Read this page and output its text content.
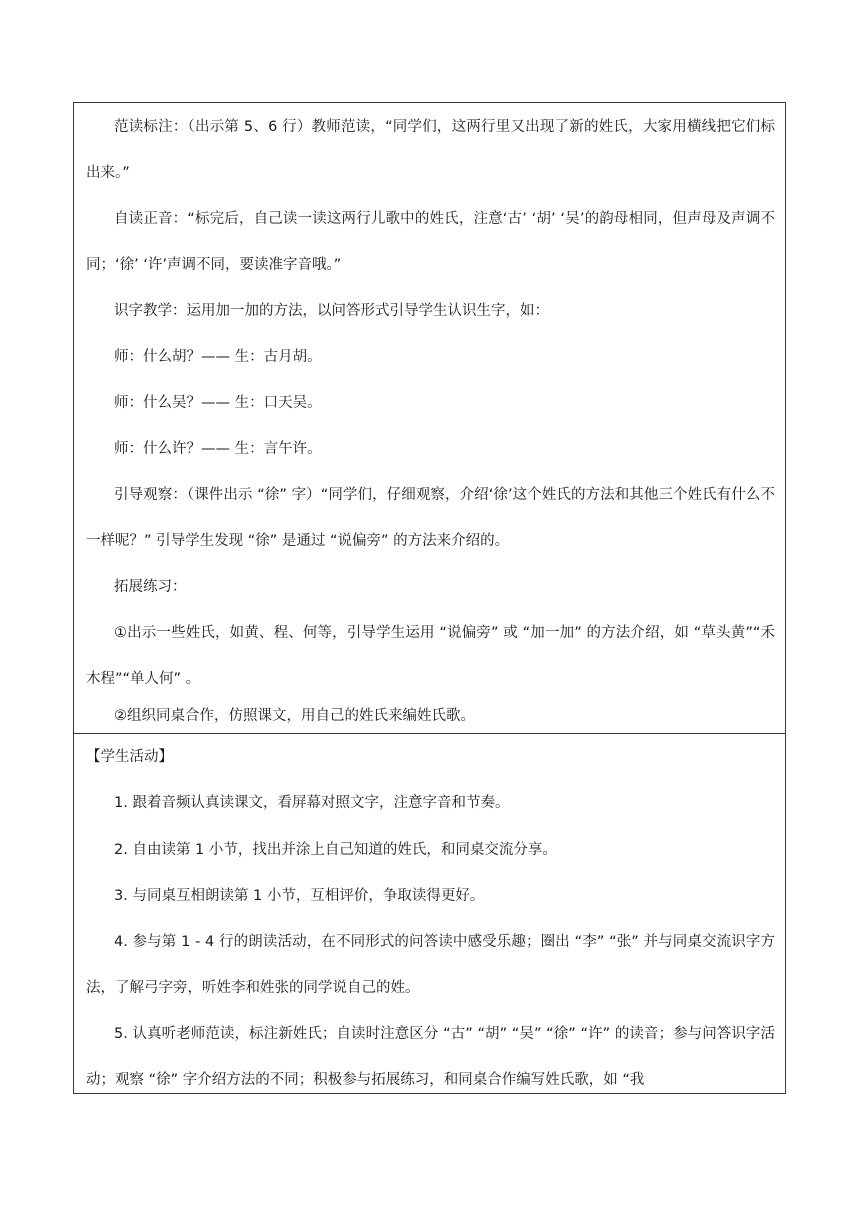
范读标注：（出示第 5、6 行）教师范读，“同学们，这两行里又出现了新的姓氏，大家用横线把它们标出来。”
自读正音：“标完后，自己读一读这两行儿歌中的姓氏，注意‘古’ ‘胡’ ‘吴’的韵母相同，但声母及声调不同；‘徐’ ‘许’声调不同，要读准字音哦。”
识字教学：运用加一加的方法，以问答形式引导学生认识生字，如：
师：什么胡？—— 生：古月胡。
师：什么吴？—— 生：口天吴。
师：什么许？—— 生：言午许。
引导观察：（课件出示 “徐” 字）“同学们，仔细观察，介绍‘徐’这个姓氏的方法和其他三个姓氏有什么不一样呢？” 引导学生发现 “徐” 是通过 “说偏旁” 的方法来介绍的。
拓展练习：
①出示一些姓氏，如黄、程、何等，引导学生运用 “说偏旁” 或 “加一加” 的方法介绍，如 “草头黄”“禾木程”“单人何” 。
②组织同桌合作，仿照课文，用自己的姓氏来编姓氏歌。
【学生活动】
1. 跟着音频认真读课文，看屏幕对照文字，注意字音和节奏。
2. 自由读第 1 小节，找出并涂上自己知道的姓氏，和同桌交流分享。
3. 与同桌互相朗读第 1 小节，互相评价，争取读得更好。
4. 参与第 1 - 4 行的朗读活动，在不同形式的问答读中感受乐趣；圈出 “李” “张” 并与同桌交流识字方法，了解弓字旁，听姓李和姓张的同学说自己的姓。
5. 认真听老师范读，标注新姓氏；自读时注意区分 “古” “胡” “吴” “徐” “许” 的读音；参与问答识字活动；观察 “徐” 字介绍方法的不同；积极参与拓展练习，和同桌合作编写姓氏歌，如 “我
